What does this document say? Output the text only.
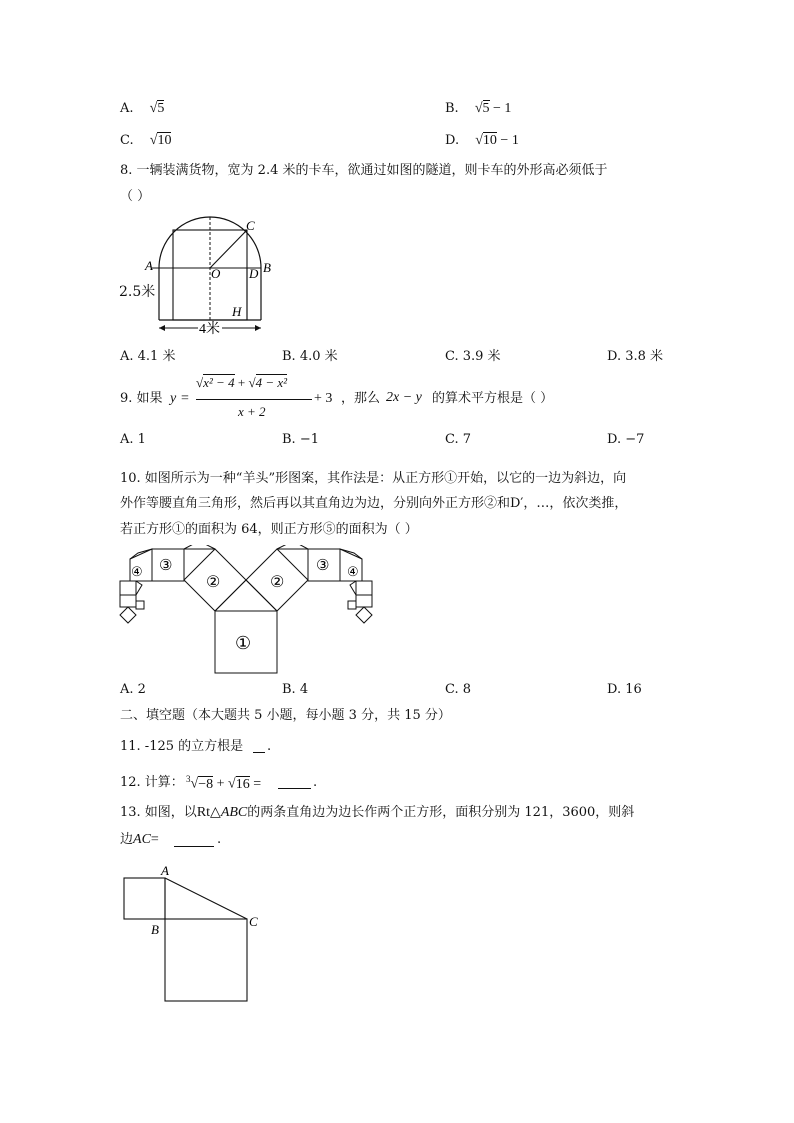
A. √5	B. √5 − 1
C. √10	D. √10 − 1
8. 一辆装满货物，宽为 2.4 米的卡车，欲通过如图的隧道，则卡车的外形高必须低于
（ ）
C
A
O D B
H
4米
2.5米
A. 4.1 米	B. 4.0 米	C. 3.9 米	D. 3.8 米
9. 如果 y =
√x² − 4 + √4 − x²
x + 2
+ 3 ，那么 2x − y 的算术平方根是（ ）
A. 1	B. −1	C. 7	D. −7
10. 如图所示为一种“羊头”形图案，其作法是：从正方形①开始，以它的一边为斜边，向
外作等腰直角三角形，然后再以其直角边为边，分别向外正方形②和D′，…，依次类推，
若正方形①的面积为 64，则正方形⑤的面积为（ ）
①
②	②
③	③
④	④
A. 2	B. 4	C. 8	D. 16
二、填空题（本大题共 5 小题，每小题 3 分，共 15 分）
11. -125 的立方根是 .
12. 计算： $^3$√−8 + √16 =	.
13. 如图，以Rt△ABC的两条直角边为边长作两个正方形，面积分别为 121，3600，则斜
边AC=	.
A
B
C
